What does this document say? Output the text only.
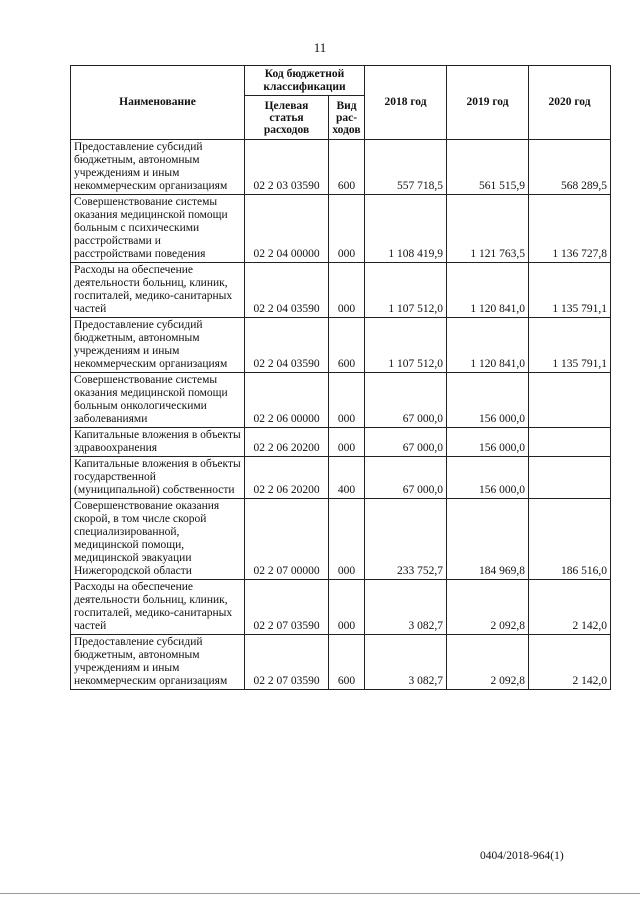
11
Наименование	Код бюджетной классификации		2018 год	2019 год	2020 год
	Целевая статья расходов	Вид рас-ходов			
Предоставление субсидий бюджетным, автономным учреждениям и иным некоммерческим организациям	02 2 03 03590	600	557 718,5	561 515,9	568 289,5
Совершенствование системы оказания медицинской помощи больным с психическими расстройствами и расстройствами поведения	02 2 04 00000	000	1 108 419,9	1 121 763,5	1 136 727,8
Расходы на обеспечение деятельности больниц, клиник, госпиталей, медико-санитарных частей	02 2 04 03590	000	1 107 512,0	1 120 841,0	1 135 791,1
Предоставление субсидий бюджетным, автономным учреждениям и иным некоммерческим организациям	02 2 04 03590	600	1 107 512,0	1 120 841,0	1 135 791,1
Совершенствование системы оказания медицинской помощи больным онкологическими заболеваниями	02 2 06 00000	000	67 000,0	156 000,0	
Капитальные вложения в объекты здравоохранения	02 2 06 20200	000	67 000,0	156 000,0	
Капитальные вложения в объекты государственной (муниципальной) собственности	02 2 06 20200	400	67 000,0	156 000,0	
Совершенствование оказания скорой, в том числе скорой специализированной, медицинской помощи, медицинской эвакуации Нижегородской области	02 2 07 00000	000	233 752,7	184 969,8	186 516,0
Расходы на обеспечение деятельности больниц, клиник, госпиталей, медико-санитарных частей	02 2 07 03590	000	3 082,7	2 092,8	2 142,0
Предоставление субсидий бюджетным, автономным учреждениям и иным некоммерческим организациям	02 2 07 03590	600	3 082,7	2 092,8	2 142,0
0404/2018-964(1)
